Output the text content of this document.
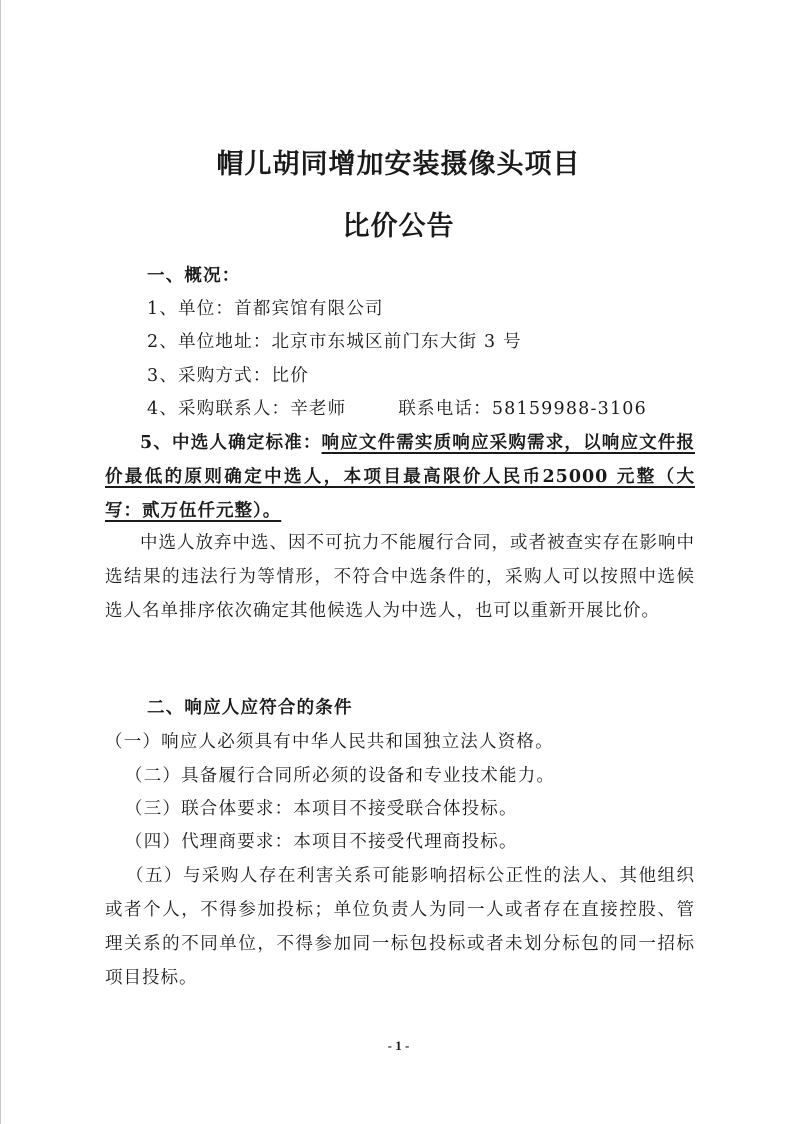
帽儿胡同增加安装摄像头项目
比价公告
一、概况：
1、单位：首都宾馆有限公司
2、单位地址：北京市东城区前门东大街 3 号
3、采购方式：比价
4、采购联系人：辛老师	联系电话：58159988-3106
5、中选人确定标准：响应文件需实质响应采购需求，以响应文件报价最低的原则确定中选人，本项目最高限价人民币25000 元整（大写：贰万伍仟元整）。
中选人放弃中选、因不可抗力不能履行合同，或者被查实存在影响中选结果的违法行为等情形，不符合中选条件的，采购人可以按照中选候选人名单排序依次确定其他候选人为中选人，也可以重新开展比价。
二、响应人应符合的条件
（一）响应人必须具有中华人民共和国独立法人资格。
（二）具备履行合同所必须的设备和专业技术能力。
（三）联合体要求：本项目不接受联合体投标。
（四）代理商要求：本项目不接受代理商投标。
（五）与采购人存在利害关系可能影响招标公正性的法人、其他组织或者个人，不得参加投标；单位负责人为同一人或者存在直接控股、管理关系的不同单位，不得参加同一标包投标或者未划分标包的同一招标项目投标。
- 1 -
